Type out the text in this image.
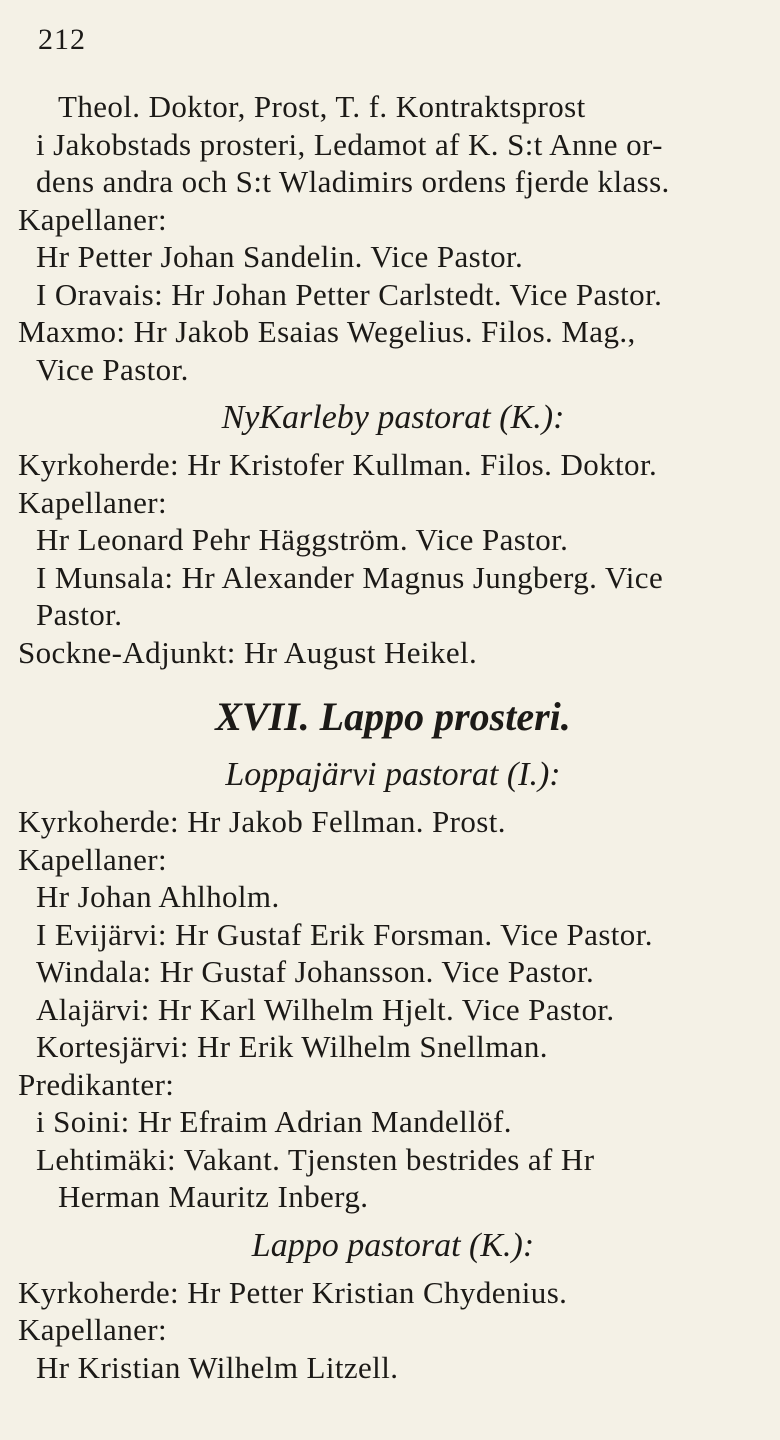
212
Theol. Doktor, Prost, T. f. Kontraktsprost
i Jakobstads prosteri, Ledamot af K. S:t Anne or-
dens andra och S:t Wladimirs ordens fjerde klass.
Kapellaner:
Hr Petter Johan Sandelin. Vice Pastor.
I Oravais: Hr Johan Petter Carlstedt. Vice Pastor.
Maxmo: Hr Jakob Esaias Wegelius. Filos. Mag.,
Vice Pastor.
NyKarleby pastorat (K.):
Kyrkoherde: Hr Kristofer Kullman. Filos. Doktor.
Kapellaner:
Hr Leonard Pehr Häggström. Vice Pastor.
I Munsala: Hr Alexander Magnus Jungberg. Vice
Pastor.
Sockne-Adjunkt: Hr August Heikel.
XVII. Lappo prosteri.
Loppajärvi pastorat (I.):
Kyrkoherde: Hr Jakob Fellman. Prost.
Kapellaner:
Hr Johan Ahlholm.
I Evijärvi: Hr Gustaf Erik Forsman. Vice Pastor.
Windala: Hr Gustaf Johansson. Vice Pastor.
Alajärvi: Hr Karl Wilhelm Hjelt. Vice Pastor.
Kortesjärvi: Hr Erik Wilhelm Snellman.
Predikanter:
i Soini: Hr Efraim Adrian Mandellöf.
Lehtimäki: Vakant. Tjensten bestrides af Hr
Herman Mauritz Inberg.
Lappo pastorat (K.):
Kyrkoherde: Hr Petter Kristian Chydenius.
Kapellaner:
Hr Kristian Wilhelm Litzell.
